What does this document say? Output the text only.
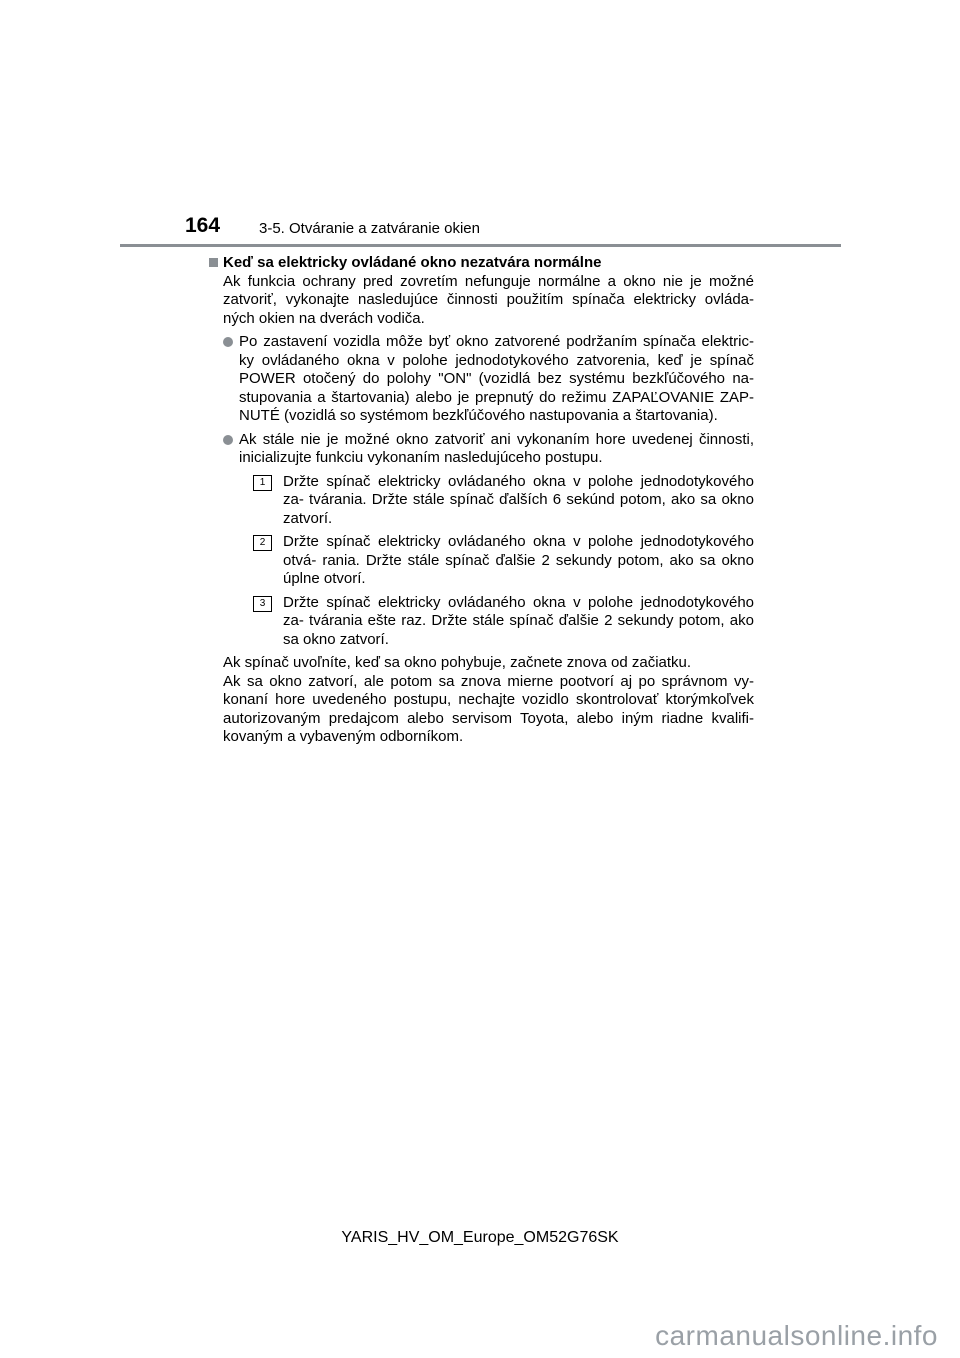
164	3-5. Otváranie a zatváranie okien
Keď sa elektricky ovládané okno nezatvára normálne
Ak funkcia ochrany pred zovretím nefunguje normálne a okno nie je možné zatvoriť, vykonajte nasledujúce činnosti použitím spínača elektricky ovláda- ných okien na dverách vodiča.
Po zastavení vozidla môže byť okno zatvorené podržaním spínača elektric- ky ovládaného okna v polohe jednodotykového zatvorenia, keď je spínač POWER otočený do polohy "ON" (vozidlá bez systému bezkľúčového na- stupovania a štartovania) alebo je prepnutý do režimu ZAPAĽOVANIE ZAP- NUTÉ (vozidlá so systémom bezkľúčového nastupovania a štartovania).
Ak stále nie je možné okno zatvoriť ani vykonaním hore uvedenej činnosti, inicializujte funkciu vykonaním nasledujúceho postupu.
1	Držte spínač elektricky ovládaného okna v polohe jednodotykového za- tvárania. Držte stále spínač ďalších 6 sekúnd potom, ako sa okno zatvorí.
2	Držte spínač elektricky ovládaného okna v polohe jednodotykového otvá- rania. Držte stále spínač ďalšie 2 sekundy potom, ako sa okno úplne otvorí.
3	Držte spínač elektricky ovládaného okna v polohe jednodotykového za- tvárania ešte raz. Držte stále spínač ďalšie 2 sekundy potom, ako sa okno zatvorí.
Ak spínač uvoľníte, keď sa okno pohybuje, začnete znova od začiatku.
Ak sa okno zatvorí, ale potom sa znova mierne pootvorí aj po správnom vy- konaní hore uvedeného postupu, nechajte vozidlo skontrolovať ktorýmkoľvek autorizovaným predajcom alebo servisom Toyota, alebo iným riadne kvalifi- kovaným a vybaveným odborníkom.
YARIS_HV_OM_Europe_OM52G76SK
carmanualsonline.info
